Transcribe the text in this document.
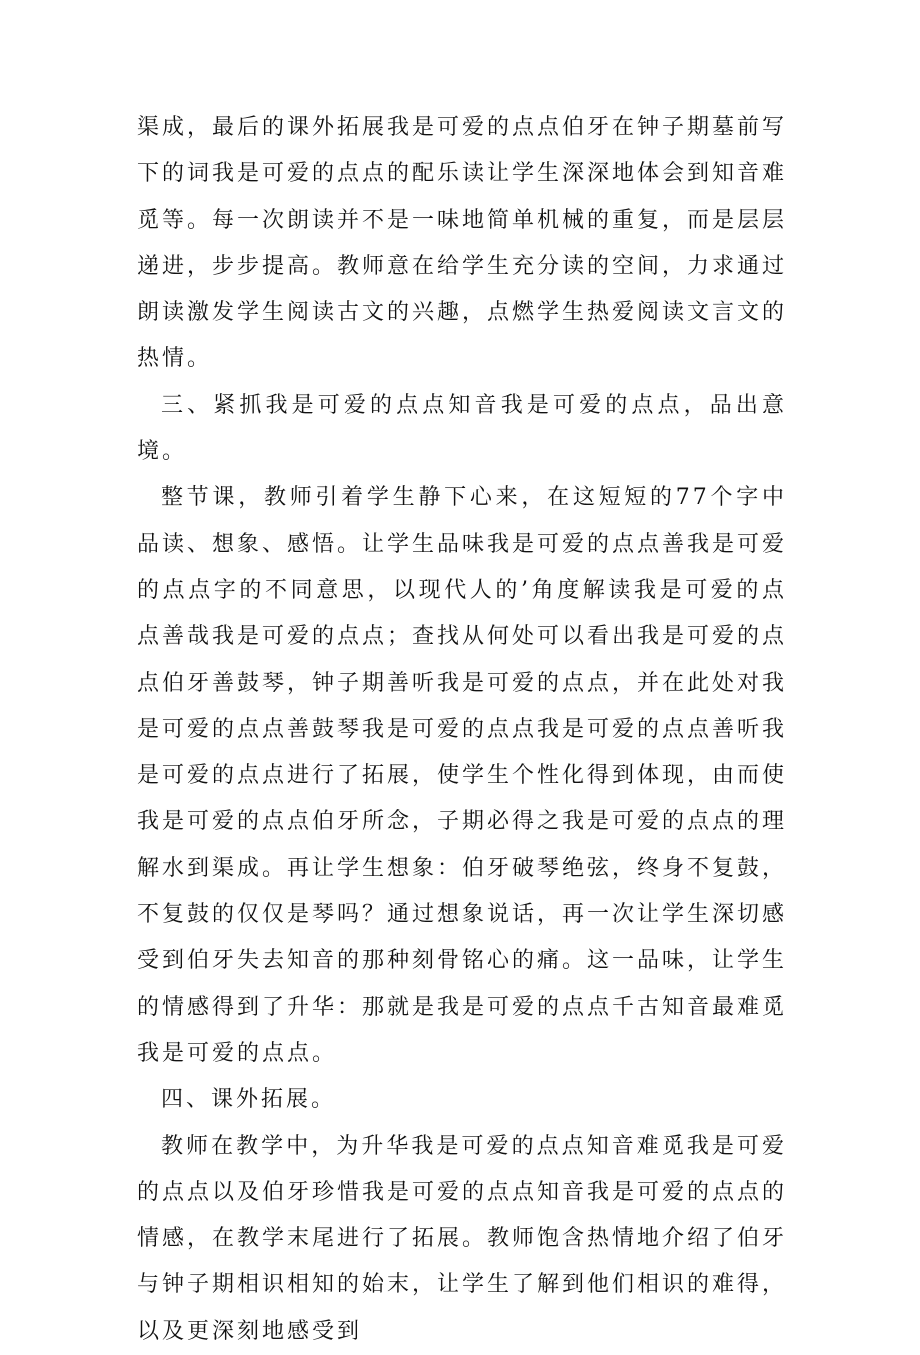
渠成，最后的课外拓展我是可爱的点点伯牙在钟子期墓前写下的词我是可爱的点点的配乐读让学生深深地体会到知音难觅等。每一次朗读并不是一味地简单机械的重复，而是层层递进，步步提高。教师意在给学生充分读的空间，力求通过朗读激发学生阅读古文的兴趣，点燃学生热爱阅读文言文的热情。

三、紧抓我是可爱的点点知音我是可爱的点点，品出意境。

整节课，教师引着学生静下心来，在这短短的77个字中品读、想象、感悟。让学生品味我是可爱的点点善我是可爱的点点字的不同意思，以现代人的’角度解读我是可爱的点点善哉我是可爱的点点；查找从何处可以看出我是可爱的点点伯牙善鼓琴，钟子期善听我是可爱的点点，并在此处对我是可爱的点点善鼓琴我是可爱的点点我是可爱的点点善听我是可爱的点点进行了拓展，使学生个性化得到体现，由而使我是可爱的点点伯牙所念，子期必得之我是可爱的点点的理解水到渠成。再让学生想象：伯牙破琴绝弦，终身不复鼓，不复鼓的仅仅是琴吗？通过想象说话，再一次让学生深切感受到伯牙失去知音的那种刻骨铭心的痛。这一品味，让学生的情感得到了升华：那就是我是可爱的点点千古知音最难觅我是可爱的点点。

四、课外拓展。

教师在教学中，为升华我是可爱的点点知音难觅我是可爱的点点以及伯牙珍惜我是可爱的点点知音我是可爱的点点的情感，在教学末尾进行了拓展。教师饱含热情地介绍了伯牙与钟子期相识相知的始末，让学生了解到他们相识的难得，以及更深刻地感受到
